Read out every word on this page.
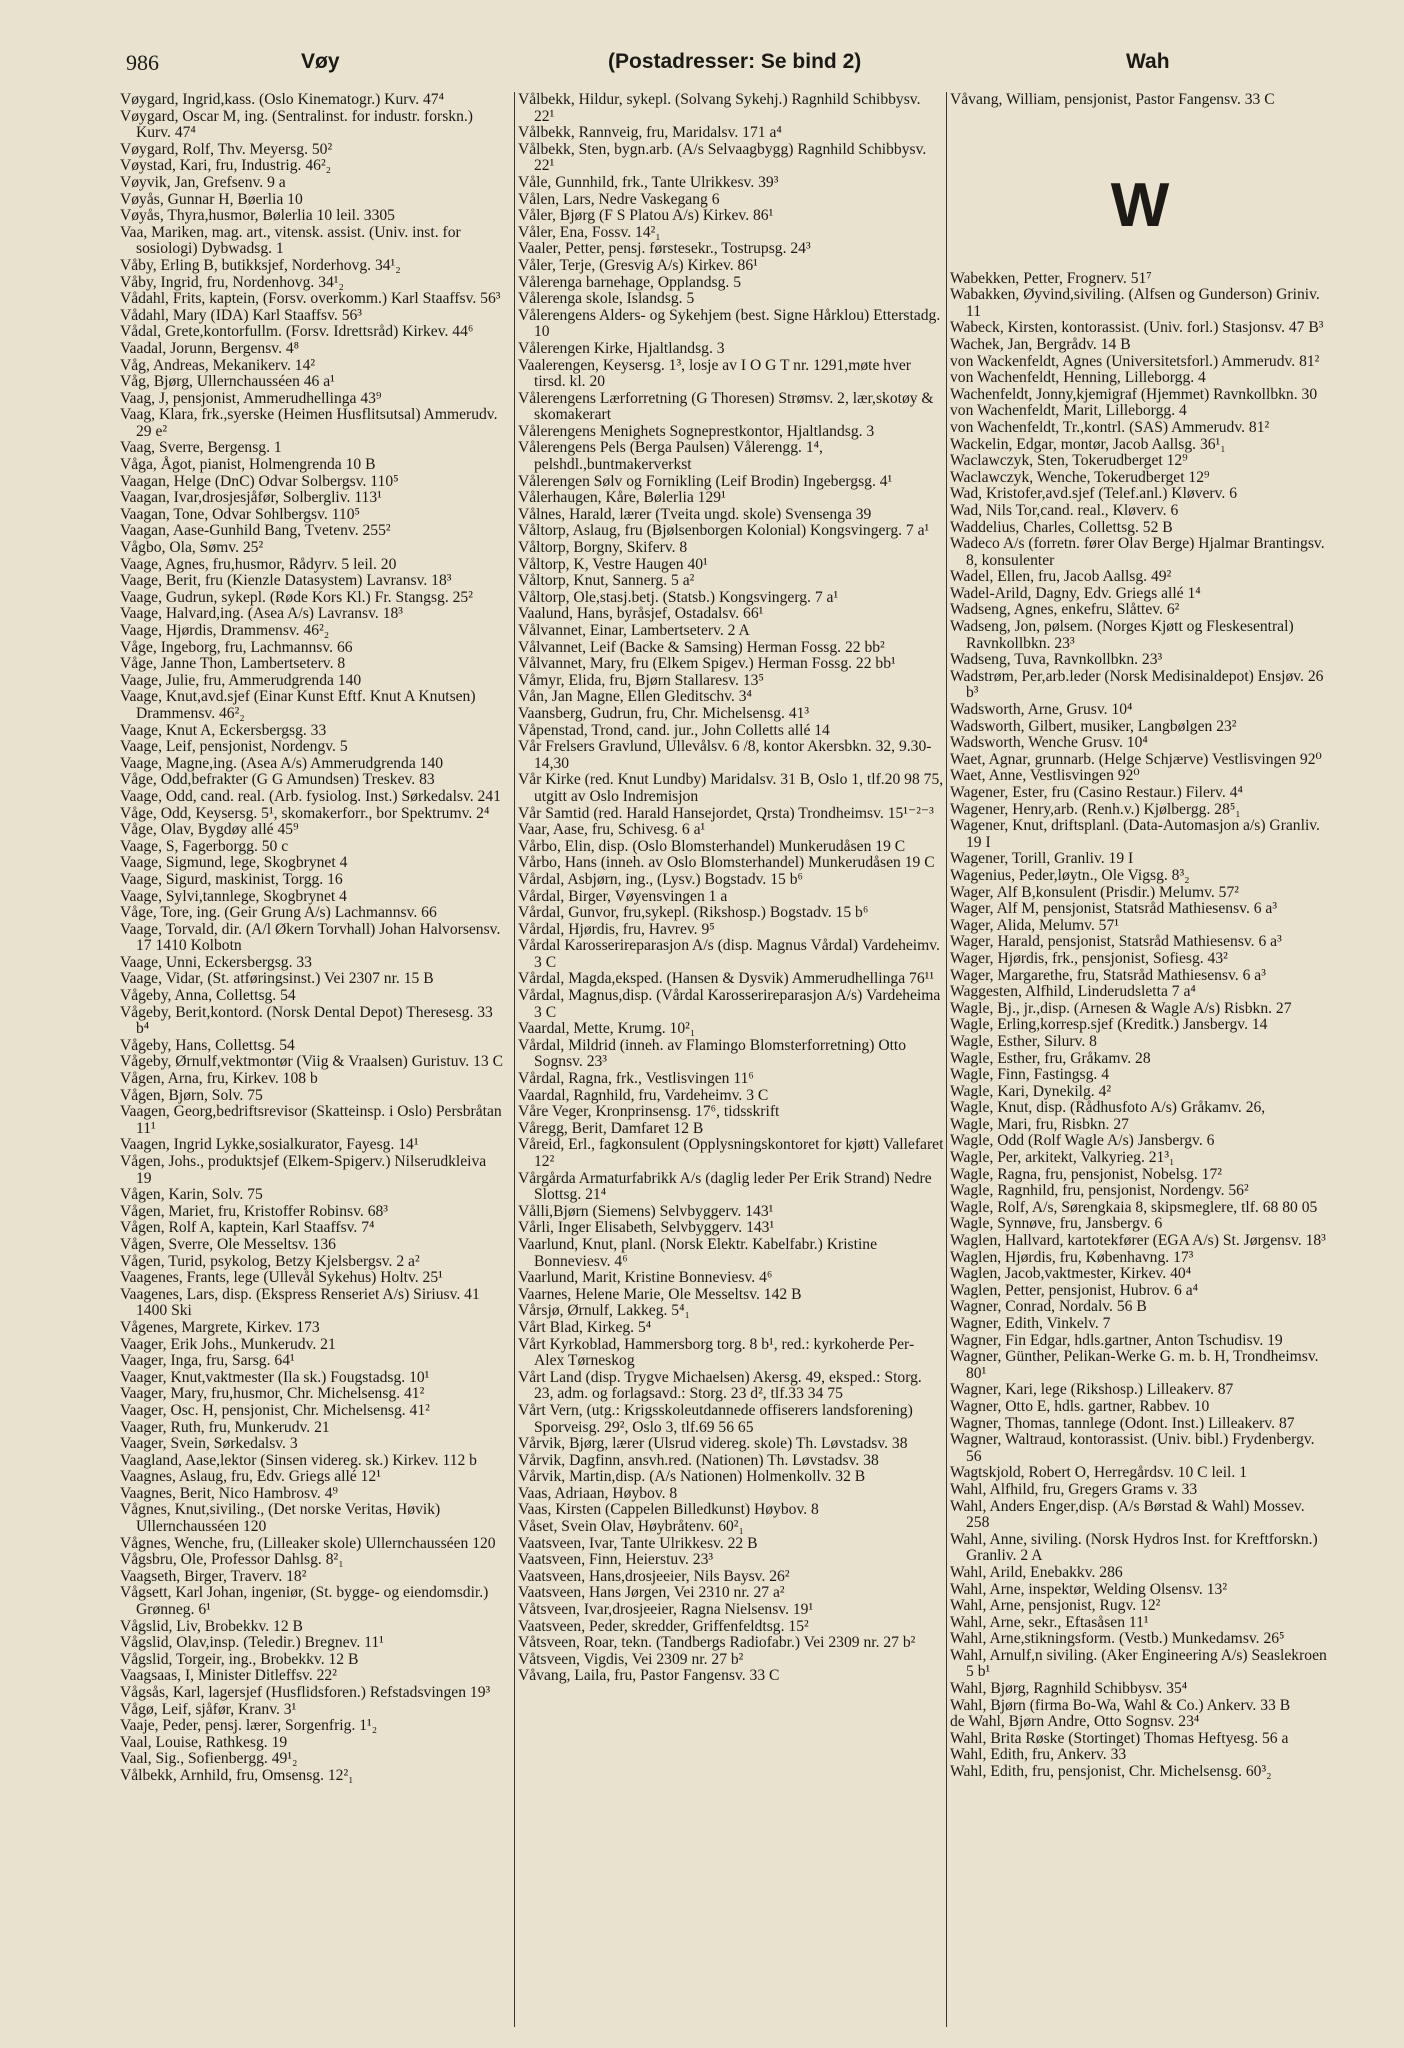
986	Vøy	(Postadresser: Se bind 2)	Wah

Vøygard, Ingrid,kass. (Oslo Kinematogr.) Kurv. 47⁴

Vøygard, Oscar M, ing. (Sentralinst. for industr. forskn.) Kurv. 47⁴

Vøygard, Rolf, Thv. Meyersg. 50²

Vøystad, Kari, fru, Industrig. 46²₂

Vøyvik, Jan, Grefsenv. 9 a

Vøyås, Gunnar H, Bøerlia 10

Vøyås, Thyra,husmor, Bølerlia 10 leil. 3305

Vaa, Mariken, mag. art., vitensk. assist. (Univ. inst. for sosiologi) Dybwadsg. 1

Våby, Erling B, butikksjef, Norderhovg. 34¹₂

Våby, Ingrid, fru, Nordenhovg. 34¹₂

Vådahl, Frits, kaptein, (Forsv. overkomm.) Karl Staaffsv. 56³

Vådahl, Mary (IDA) Karl Staaffsv. 56³

Vådal, Grete,kontorfullm. (Forsv. Idrettsråd) Kirkev. 44⁶

Vaadal, Jorunn, Bergensv. 4⁸

Våg, Andreas, Mekanikerv. 14²

Våg, Bjørg, Ullernchausséen 46 a¹

Vaag, J, pensjonist, Ammerudhellinga 43⁹

Vaag, Klara, frk.,syerske (Heimen Husflitsutsal) Ammerudv. 29 e²

Vaag, Sverre, Bergensg. 1

Våga, Ågot, pianist, Holmengrenda 10 B

Vaagan, Helge (DnC) Odvar Solbergsv. 110⁵

Vaagan, Ivar,drosjesjåfør, Solbergliv. 113¹

Vaagan, Tone, Odvar Sohlbergsv. 110⁵

Vaagan, Aase-Gunhild Bang, Tvetenv. 255²

Vågbo, Ola, Sømv. 25²

Vaage, Agnes, fru,husmor, Rådyrv. 5 leil. 20

Vaage, Berit, fru (Kienzle Datasystem) Lavransv. 18³

Vaage, Gudrun, sykepl. (Røde Kors Kl.) Fr. Stangsg. 25²

Vaage, Halvard,ing. (Asea A/s) Lavransv. 18³

Vaage, Hjørdis, Drammensv. 46²₂

Våge, Ingeborg, fru, Lachmannsv. 66

Våge, Janne Thon, Lambertseterv. 8

Vaage, Julie, fru, Ammerudgrenda 140

Vaage, Knut,avd.sjef (Einar Kunst Eftf. Knut A Knutsen) Drammensv. 46²₂

Vaage, Knut A, Eckersbergsg. 33

Vaage, Leif, pensjonist, Nordengv. 5

Vaage, Magne,ing. (Asea A/s) Ammerudgrenda 140

Våge, Odd,befrakter (G G Amundsen) Treskev. 83

Vaage, Odd, cand. real. (Arb. fysiolog. Inst.) Sørkedalsv. 241

Våge, Odd, Keysersg. 5¹, skomakerforr., bor Spektrumv. 2⁴

Våge, Olav, Bygdøy allé 45⁹

Vaage, S, Fagerborgg. 50 c

Vaage, Sigmund, lege, Skogbrynet 4

Vaage, Sigurd, maskinist, Torgg. 16

Vaage, Sylvi,tannlege, Skogbrynet 4

Våge, Tore, ing. (Geir Grung A/s) Lachmannsv. 66

Vaage, Torvald, dir. (A/l Økern Torvhall) Johan Halvorsensv. 17 1410 Kolbotn

Vaage, Unni, Eckersbergsg. 33

Vaage, Vidar, (St. atføringsinst.) Vei 2307 nr. 15 B

Vågeby, Anna, Collettsg. 54

Vågeby, Berit,kontord. (Norsk Dental Depot) Theresesg. 33 b⁴

Vågeby, Hans, Collettsg. 54

Vågeby, Ørnulf,vektmontør (Viig & Vraalsen) Guristuv. 13 C

Vågen, Arna, fru, Kirkev. 108 b

Vågen, Bjørn, Solv. 75

Vaagen, Georg,bedriftsrevisor (Skatteinsp. i Oslo) Persbråtan 11¹

Vaagen, Ingrid Lykke,sosialkurator, Fayesg. 14¹

Vågen, Johs., produktsjef (Elkem-Spigerv.) Nilserudkleiva 19

Vågen, Karin, Solv. 75

Vågen, Mariet, fru, Kristoffer Robinsv. 68³

Vågen, Rolf A, kaptein, Karl Staaffsv. 7⁴

Vågen, Sverre, Ole Messeltsv. 136

Vågen, Turid, psykolog, Betzy Kjelsbergsv. 2 a²

Vaagenes, Frants, lege (Ullevål Sykehus) Holtv. 25¹

Vaagenes, Lars, disp. (Ekspress Renseriet A/s) Siriusv. 41 1400 Ski

Vågenes, Margrete, Kirkev. 173

Vaager, Erik Johs., Munkerudv. 21

Vaager, Inga, fru, Sarsg. 64¹

Vaager, Knut,vaktmester (Ila sk.) Fougstadsg. 10¹

Vaager, Mary, fru,husmor, Chr. Michelsensg. 41²

Vaager, Osc. H, pensjonist, Chr. Michelsensg. 41²

Vaager, Ruth, fru, Munkerudv. 21

Vaager, Svein, Sørkedalsv. 3

Vaagland, Aase,lektor (Sinsen videreg. sk.) Kirkev. 112 b

Vaagnes, Aslaug, fru, Edv. Griegs allé 12¹

Vaagnes, Berit, Nico Hambrosv. 4⁹

Vågnes, Knut,siviling., (Det norske Veritas, Høvik) Ullernchausséen 120

Vågnes, Wenche, fru, (Lilleaker skole) Ullernchausséen 120

Vågsbru, Ole, Professor Dahlsg. 8²₁

Vaagseth, Birger, Traverv. 18²

Vågsett, Karl Johan, ingeniør, (St. bygge- og eiendomsdir.) Grønneg. 6¹

Vågslid, Liv, Brobekkv. 12 B

Vågslid, Olav,insp. (Teledir.) Bregnev. 11¹

Vågslid, Torgeir, ing., Brobekkv. 12 B

Vaagsaas, I, Minister Ditleffsv. 22²

Vågsås, Karl, lagersjef (Husflidsforen.) Refstadsvingen 19³

Vågø, Leif, sjåfør, Kranv. 3¹

Vaaje, Peder, pensj. lærer, Sorgenfrig. 1¹₂

Vaal, Louise, Rathkesg. 19

Vaal, Sig., Sofienbergg. 49¹₂

Vålbekk, Arnhild, fru, Omsensg. 12²₁

Vålbekk, Hildur, sykepl. (Solvang Sykehj.) Ragnhild Schibbysv. 22¹

Vålbekk, Rannveig, fru, Maridalsv. 171 a⁴

Vålbekk, Sten, bygn.arb. (A/s Selvaagbygg) Ragnhild Schibbysv. 22¹

Våle, Gunnhild, frk., Tante Ulrikkesv. 39³

Vålen, Lars, Nedre Vaskegang 6

Våler, Bjørg (F S Platou A/s) Kirkev. 86¹

Våler, Ena, Fossv. 14²₁

Vaaler, Petter, pensj. førstesekr., Tostrupsg. 24³

Våler, Terje, (Gresvig A/s) Kirkev. 86¹

Vålerenga barnehage, Opplandsg. 5

Vålerenga skole, Islandsg. 5

Vålerengens Alders- og Sykehjem (best. Signe Hårklou) Etterstadg. 10

Vålerengen Kirke, Hjaltlandsg. 3

Vaalerengen, Keysersg. 1³, losje av I O G T nr. 1291,møte hver tirsd. kl. 20

Vålerengens Lærforretning (G Thoresen) Strømsv. 2, lær,skotøy & skomakerart

Vålerengens Menighets Sogneprestkontor, Hjaltlandsg. 3

Vålerengens Pels (Berga Paulsen) Vålerengg. 1⁴, pelshdl.,buntmakerverkst

Vålerengen Sølv og Fornikling (Leif Brodin) Ingebergsg. 4¹

Vålerhaugen, Kåre, Bølerlia 129¹

Vålnes, Harald, lærer (Tveita ungd. skole) Svensenga 39

Våltorp, Aslaug, fru (Bjølsenborgen Kolonial) Kongsvingerg. 7 a¹

Våltorp, Borgny, Skiferv. 8

Våltorp, K, Vestre Haugen 40¹

Våltorp, Knut, Sannerg. 5 a²

Våltorp, Ole,stasj.betj. (Statsb.) Kongsvingerg. 7 a¹

Vaalund, Hans, byråsjef, Ostadalsv. 66¹

Vålvannet, Einar, Lambertseterv. 2 A

Vålvannet, Leif (Backe & Samsing) Herman Fossg. 22 bb²

Vålvannet, Mary, fru (Elkem Spigev.) Herman Fossg. 22 bb¹

Våmyr, Elida, fru, Bjørn Stallaresv. 13⁵

Vån, Jan Magne, Ellen Gleditschv. 3⁴

Vaansberg, Gudrun, fru, Chr. Michelsensg. 41³

Våpenstad, Trond, cand. jur., John Colletts allé 14

Vår Frelsers Gravlund, Ullevålsv. 6 /8, kontor Akersbkn. 32, 9.30-14,30

Vår Kirke (red. Knut Lundby) Maridalsv. 31 B, Oslo 1, tlf.20 98 75, utgitt av Oslo Indremisjon

Vår Samtid (red. Harald Hansejordet, Qrsta) Trondheimsv. 15¹⁻²⁻³

Vaar, Aase, fru, Schivesg. 6 a¹

Vårbo, Elin, disp. (Oslo Blomsterhandel) Munkerudåsen 19 C

Vårbo, Hans (inneh. av Oslo Blomsterhandel) Munkerudåsen 19 C

Vårdal, Asbjørn, ing., (Lysv.) Bogstadv. 15 b⁶

Vårdal, Birger, Vøyensvingen 1 a

Vårdal, Gunvor, fru,sykepl. (Rikshosp.) Bogstadv. 15 b⁶

Vårdal, Hjørdis, fru, Havrev. 9⁵

Vårdal Karosserireparasjon A/s (disp. Magnus Vårdal) Vardeheimv. 3 C

Vårdal, Magda,eksped. (Hansen & Dysvik) Ammerudhellinga 76¹¹

Vårdal, Magnus,disp. (Vårdal Karosserireparasjon A/s) Vardeheima 3 C

Vaardal, Mette, Krumg. 10²₁

Vårdal, Mildrid (inneh. av Flamingo Blomsterforretning) Otto Sognsv. 23³

Vårdal, Ragna, frk., Vestlisvingen 11⁶

Vaardal, Ragnhild, fru, Vardeheimv. 3 C

Våre Veger, Kronprinsensg. 17⁶, tidsskrift

Våregg, Berit, Damfaret 12 B

Våreid, Erl., fagkonsulent (Opplysningskontoret for kjøtt) Vallefaret 12²

Vårgårda Armaturfabrikk A/s (daglig leder Per Erik Strand) Nedre Slottsg. 21⁴

Vålli,Bjørn (Siemens) Selvbyggerv. 143¹

Vårli, Inger Elisabeth, Selvbyggerv. 143¹

Vaarlund, Knut, planl. (Norsk Elektr. Kabelfabr.) Kristine Bonneviesv. 4⁶

Vaarlund, Marit, Kristine Bonneviesv. 4⁶

Vaarnes, Helene Marie, Ole Messeltsv. 142 B

Vårsjø, Ørnulf, Lakkeg. 5⁴₁

Vårt Blad, Kirkeg. 5⁴

Vårt Kyrkoblad, Hammersborg torg. 8 b¹, red.: kyrkoherde Per-Alex Tørneskog

Vårt Land (disp. Trygve Michaelsen) Akersg. 49, eksped.: Storg. 23, adm. og forlagsavd.: Storg. 23 d², tlf.33 34 75

Vårt Vern, (utg.: Krigsskoleutdannede offiserers landsforening) Sporveisg. 29², Oslo 3, tlf.69 56 65

Vårvik, Bjørg, lærer (Ulsrud videreg. skole) Th. Løvstadsv. 38

Vårvik, Dagfinn, ansvh.red. (Nationen) Th. Løvstadsv. 38

Vårvik, Martin,disp. (A/s Nationen) Holmenkollv. 32 B

Vaas, Adriaan, Høybov. 8

Vaas, Kirsten (Cappelen Billedkunst) Høybov. 8

Våset, Svein Olav, Høybråtenv. 60²₁

Vaatsveen, Ivar, Tante Ulrikkesv. 22 B

Vaatsveen, Finn, Heierstuv. 23³

Vaatsveen, Hans,drosjeeier, Nils Baysv. 26²

Vaatsveen, Hans Jørgen, Vei 2310 nr. 27 a²

Våtsveen, Ivar,drosjeeier, Ragna Nielsensv. 19¹

Vaatsveen, Peder, skredder, Griffenfeldtsg. 15²

Våtsveen, Roar, tekn. (Tandbergs Radiofabr.) Vei 2309 nr. 27 b²

Våtsveen, Vigdis, Vei 2309 nr. 27 b²

Våvang, Laila, fru, Pastor Fangensv. 33 C

Våvang, William, pensjonist, Pastor Fangensv. 33 C

W

Wabekken, Petter, Frognerv. 51⁷

Wabakken, Øyvind,siviling. (Alfsen og Gunderson) Griniv. 11

Wabeck, Kirsten, kontorassist. (Univ. forl.) Stasjonsv. 47 B³

Wachek, Jan, Bergrådv. 14 B

von Wackenfeldt, Agnes (Universitetsforl.) Ammerudv. 81²

von Wachenfeldt, Henning, Lilleborgg. 4

Wachenfeldt, Jonny,kjemigraf (Hjemmet) Ravnkollbkn. 30

von Wachenfeldt, Marit, Lilleborgg. 4

von Wachenfeldt, Tr.,kontrl. (SAS) Ammerudv. 81²

Wackelin, Edgar, montør, Jacob Aallsg. 36¹₁

Waclawczyk, Sten, Tokerudberget 12⁹

Waclawczyk, Wenche, Tokerudberget 12⁹

Wad, Kristofer,avd.sjef (Telef.anl.) Kløverv. 6

Wad, Nils Tor,cand. real., Kløverv. 6

Waddelius, Charles, Collettsg. 52 B

Wadeco A/s (forretn. fører Olav Berge) Hjalmar Brantingsv. 8, konsulenter

Wadel, Ellen, fru, Jacob Aallsg. 49²

Wadel-Arild, Dagny, Edv. Griegs allé 1⁴

Wadseng, Agnes, enkefru, Slåttev. 6²

Wadseng, Jon, pølsem. (Norges Kjøtt og Fleskesentral) Ravnkollbkn. 23³

Wadseng, Tuva, Ravnkollbkn. 23³

Wadstrøm, Per,arb.leder (Norsk Medisinaldepot) Ensjøv. 26 b³

Wadsworth, Arne, Grusv. 10⁴

Wadsworth, Gilbert, musiker, Langbølgen 23²

Wadsworth, Wenche Grusv. 10⁴

Waet, Agnar, grunnarb. (Helge Schjærve) Vestlisvingen 92⁰

Waet, Anne, Vestlisvingen 92⁰

Wagener, Ester, fru (Casino Restaur.) Filerv. 4⁴

Wagener, Henry,arb. (Renh.v.) Kjølbergg. 28⁵₁

Wagener, Knut, driftsplanl. (Data-Automasjon a/s) Granliv. 19 I

Wagener, Torill, Granliv. 19 I

Wagenius, Peder,løytn., Ole Vigsg. 8³₂

Wager, Alf B,konsulent (Prisdir.) Melumv. 57²

Wager, Alf M, pensjonist, Statsråd Mathiesensv. 6 a³

Wager, Alida, Melumv. 57¹

Wager, Harald, pensjonist, Statsråd Mathiesensv. 6 a³

Wager, Hjørdis, frk., pensjonist, Sofiesg. 43²

Wager, Margarethe, fru, Statsråd Mathiesensv. 6 a³

Waggesten, Alfhild, Linderudsletta 7 a⁴

Wagle, Bj., jr.,disp. (Arnesen & Wagle A/s) Risbkn. 27

Wagle, Erling,korresp.sjef (Kreditk.) Jansbergv. 14

Wagle, Esther, Silurv. 8

Wagle, Esther, fru, Gråkamv. 28

Wagle, Finn, Fastingsg. 4

Wagle, Kari, Dynekilg. 4²

Wagle, Knut, disp. (Rådhusfoto A/s) Gråkamv. 26,

Wagle, Mari, fru, Risbkn. 27

Wagle, Odd (Rolf Wagle A/s) Jansbergv. 6

Wagle, Per, arkitekt, Valkyrieg. 21³₁

Wagle, Ragna, fru, pensjonist, Nobelsg. 17²

Wagle, Ragnhild, fru, pensjonist, Nordengv. 56²

Wagle, Rolf, A/s, Sørengkaia 8, skipsmeglere, tlf. 68 80 05

Wagle, Synnøve, fru, Jansbergv. 6

Waglen, Hallvard, kartotekfører (EGA A/s) St. Jørgensv. 18³

Waglen, Hjørdis, fru, Københavng. 17³

Waglen, Jacob,vaktmester, Kirkev. 40⁴

Waglen, Petter, pensjonist, Hubrov. 6 a⁴

Wagner, Conrad, Nordalv. 56 B

Wagner, Edith, Vinkelv. 7

Wagner, Fin Edgar, hdls.gartner, Anton Tschudisv. 19

Wagner, Günther, Pelikan-Werke G. m. b. H, Trondheimsv. 80¹

Wagner, Kari, lege (Rikshosp.) Lilleakerv. 87

Wagner, Otto E, hdls. gartner, Rabbev. 10

Wagner, Thomas, tannlege (Odont. Inst.) Lilleakerv. 87

Wagner, Waltraud, kontorassist. (Univ. bibl.) Frydenbergv. 56

Wagtskjold, Robert O, Herregårdsv. 10 C leil. 1

Wahl, Alfhild, fru, Gregers Grams v. 33

Wahl, Anders Enger,disp. (A/s Børstad & Wahl) Mossev. 258

Wahl, Anne, siviling. (Norsk Hydros Inst. for Kreftforskn.) Granliv. 2 A

Wahl, Arild, Enebakkv. 286

Wahl, Arne, inspektør, Welding Olsensv. 13²

Wahl, Arne, pensjonist, Rugv. 12²

Wahl, Arne, sekr., Eftasåsen 11¹

Wahl, Arne,stikningsform. (Vestb.) Munkedamsv. 26⁵

Wahl, Arnulf,n siviling. (Aker Engineering A/s) Seaslekroen 5 b¹

Wahl, Bjørg, Ragnhild Schibbysv. 35⁴

Wahl, Bjørn (firma Bo-Wa, Wahl & Co.) Ankerv. 33 B

de Wahl, Bjørn Andre, Otto Sognsv. 23⁴

Wahl, Brita Røske (Stortinget) Thomas Heftyesg. 56 a

Wahl, Edith, fru, Ankerv. 33

Wahl, Edith, fru, pensjonist, Chr. Michelsensg. 60³₂
